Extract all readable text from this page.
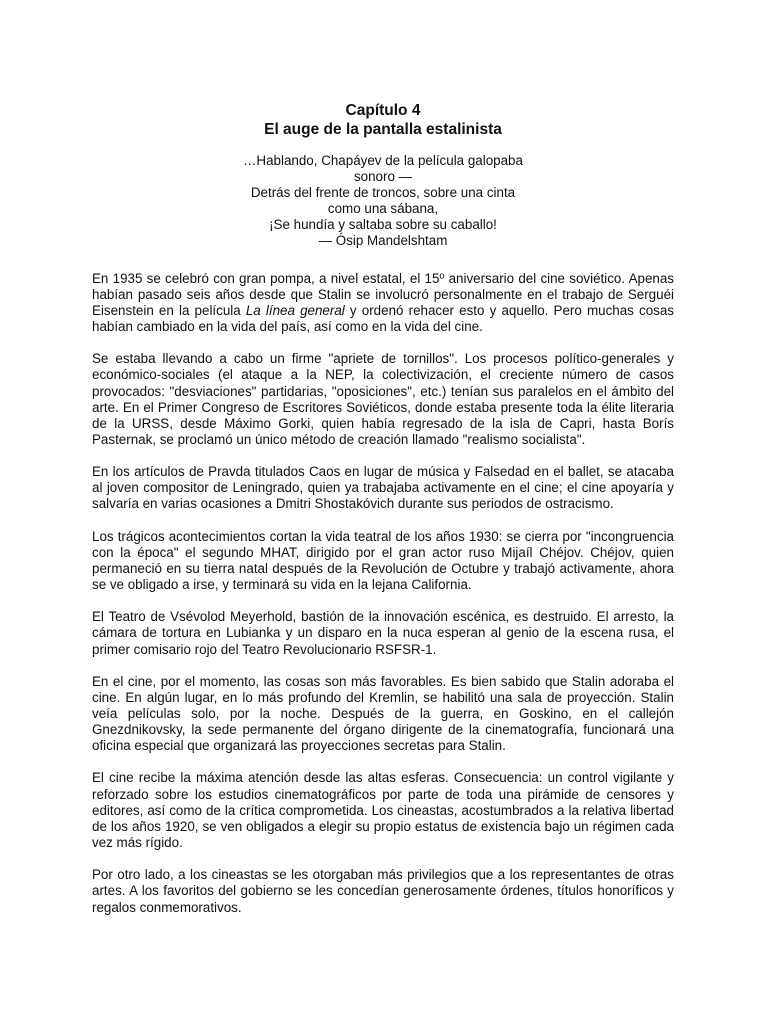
Capítulo 4
El auge de la pantalla estalinista
…Hablando, Chapáyev de la película galopaba
sonoro —
Detrás del frente de troncos, sobre una cinta
como una sábana,
¡Se hundía y saltaba sobre su caballo!
— Ósip Mandelshtam

En 1935 se celebró con gran pompa, a nivel estatal, el 15º aniversario del cine soviético. Apenas habían pasado seis años desde que Stalin se involucró personalmente en el trabajo de Serguéi Eisenstein en la película La línea general y ordenó rehacer esto y aquello. Pero muchas cosas habían cambiado en la vida del país, así como en la vida del cine.

Se estaba llevando a cabo un firme "apriete de tornillos". Los procesos político-generales y económico-sociales (el ataque a la NEP, la colectivización, el creciente número de casos provocados: "desviaciones" partidarias, "oposiciones", etc.) tenían sus paralelos en el ámbito del arte. En el Primer Congreso de Escritores Soviéticos, donde estaba presente toda la élite literaria de la URSS, desde Máximo Gorki, quien había regresado de la isla de Capri, hasta Borís Pasternak, se proclamó un único método de creación llamado "realismo socialista".

En los artículos de Pravda titulados Caos en lugar de música y Falsedad en el ballet, se atacaba al joven compositor de Leningrado, quien ya trabajaba activamente en el cine; el cine apoyaría y salvaría en varias ocasiones a Dmitri Shostakóvich durante sus periodos de ostracismo.

Los trágicos acontecimientos cortan la vida teatral de los años 1930: se cierra por "incongruencia con la época" el segundo MHAT, dirigido por el gran actor ruso Mijaíl Chéjov. Chéjov, quien permaneció en su tierra natal después de la Revolución de Octubre y trabajó activamente, ahora se ve obligado a irse, y terminará su vida en la lejana California.

El Teatro de Vsévolod Meyerhold, bastión de la innovación escénica, es destruido. El arresto, la cámara de tortura en Lubianka y un disparo en la nuca esperan al genio de la escena rusa, el primer comisario rojo del Teatro Revolucionario RSFSR-1.

En el cine, por el momento, las cosas son más favorables. Es bien sabido que Stalin adoraba el cine. En algún lugar, en lo más profundo del Kremlin, se habilitó una sala de proyección. Stalin veía películas solo, por la noche. Después de la guerra, en Goskino, en el callejón Gnezdnikovsky, la sede permanente del órgano dirigente de la cinematografía, funcionará una oficina especial que organizará las proyecciones secretas para Stalin.

El cine recibe la máxima atención desde las altas esferas. Consecuencia: un control vigilante y reforzado sobre los estudios cinematográficos por parte de toda una pirámide de censores y editores, así como de la crítica comprometida. Los cineastas, acostumbrados a la relativa libertad de los años 1920, se ven obligados a elegir su propio estatus de existencia bajo un régimen cada vez más rígido.

Por otro lado, a los cineastas se les otorgaban más privilegios que a los representantes de otras artes. A los favoritos del gobierno se les concedían generosamente órdenes, títulos honoríficos y regalos conmemorativos.
